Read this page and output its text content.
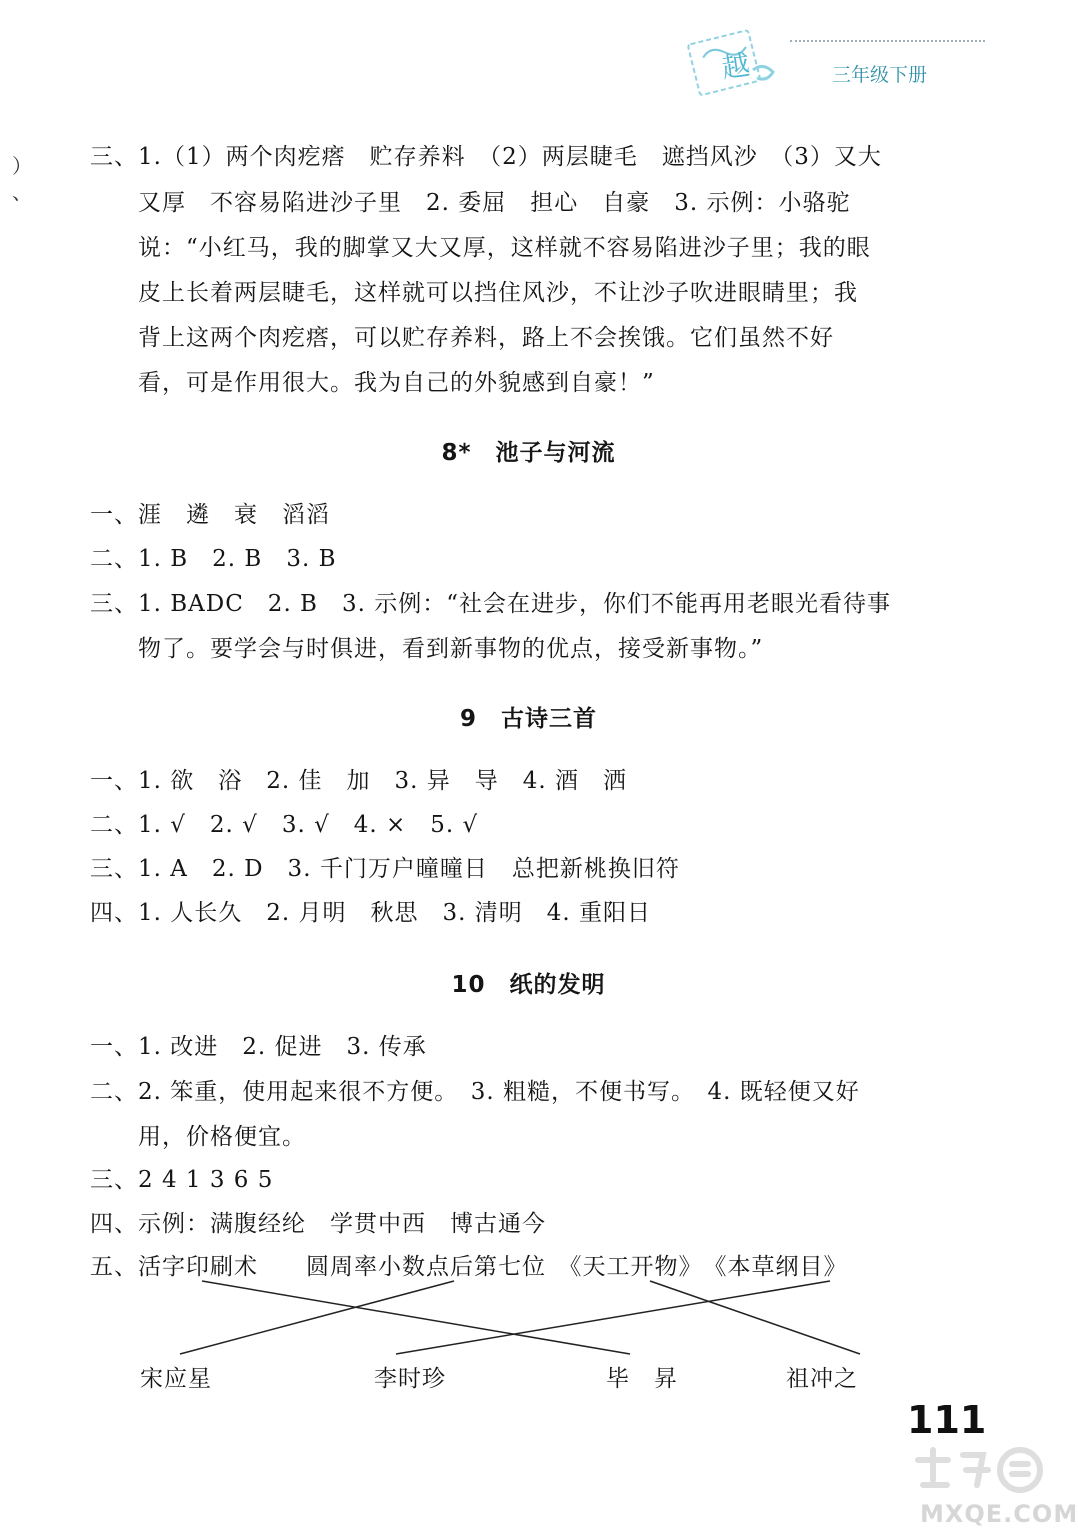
越	三年级下册
）
、
三、1.（1）两个肉疙瘩　贮存养料　（2）两层睫毛　遮挡风沙　（3）又大
又厚　不容易陷进沙子里　2. 委屈　担心　自豪　3. 示例：小骆驼
说：“小红马，我的脚掌又大又厚，这样就不容易陷进沙子里；我的眼
皮上长着两层睫毛，这样就可以挡住风沙，不让沙子吹进眼睛里；我
背上这两个肉疙瘩，可以贮存养料，路上不会挨饿。它们虽然不好
看，可是作用很大。我为自己的外貌感到自豪！”
8*　池子与河流
一、涯　遴　衰　滔滔
二、1. B　2. B　3. B
三、1. BADC　2. B　3. 示例：“社会在进步，你们不能再用老眼光看待事
物了。要学会与时俱进，看到新事物的优点，接受新事物。”
9　古诗三首
一、1. 欲　浴　2. 佳　加　3. 异　导　4. 酒　洒
二、1. √　2. √　3. √　4. ×　5. √
三、1. A　2. D　3. 千门万户曈曈日　总把新桃换旧符
四、1. 人长久　2. 月明　秋思　3. 清明　4. 重阳日
10　纸的发明
一、1. 改进　2. 促进　3. 传承
二、2. 笨重，使用起来很不方便。　3. 粗糙，不便书写。　4. 既轻便又好
用，价格便宜。
三、2 4 1 3 6 5
四、示例：满腹经纶　学贯中西　博古通今
五、活字印刷术　　圆周率小数点后第七位　《天工开物》　《本草纲目》
宋应星	李时珍	毕　昇	祖冲之
111
MXQE.COM
